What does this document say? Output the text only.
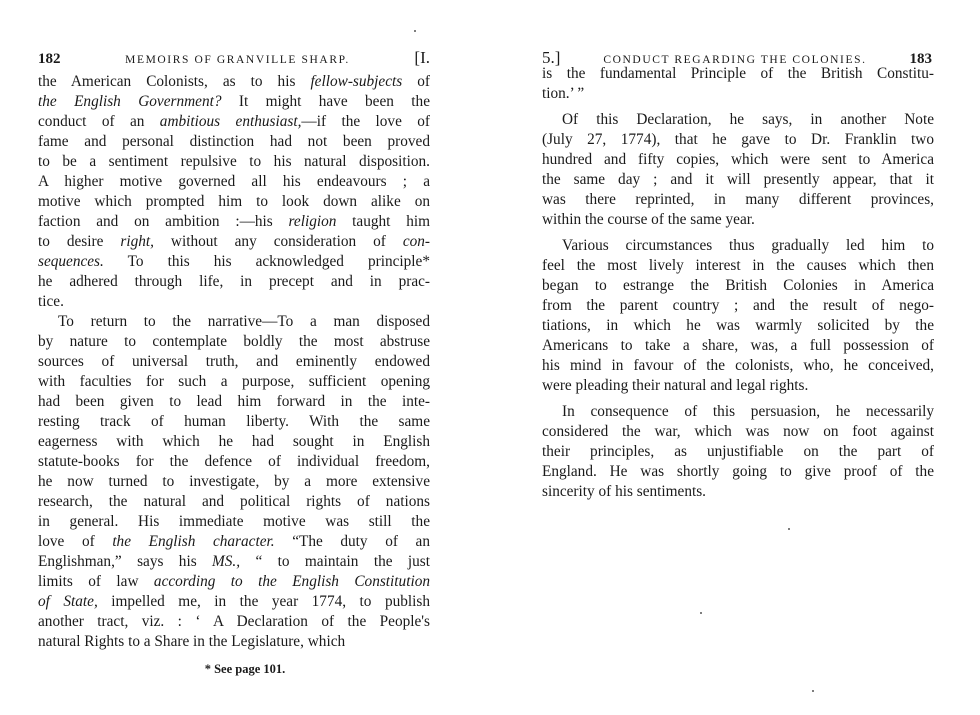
182	MEMOIRS OF GRANVILLE SHARP.	[I.
the American Colonists, as to his fellow-subjects of
the English Government? It might have been the
conduct of an ambitious enthusiast,—if the love of
fame and personal distinction had not been proved
to be a sentiment repulsive to his natural disposition.
A higher motive governed all his endeavours ; a
motive which prompted him to look down alike on
faction and on ambition :—his religion taught him
to desire right, without any consideration of con-
sequences. To this his acknowledged principle*
he adhered through life, in precept and in prac-
tice.
To return to the narrative—To a man disposed
by nature to contemplate boldly the most abstruse
sources of universal truth, and eminently endowed
with faculties for such a purpose, sufficient opening
had been given to lead him forward in the inte-
resting track of human liberty. With the same
eagerness with which he had sought in English
statute-books for the defence of individual freedom,
he now turned to investigate, by a more extensive
research, the natural and political rights of nations
in general. His immediate motive was still the
love of the English character. “The duty of an
Englishman,” says his MS., “ to maintain the just
limits of law according to the English Constitution
of State, impelled me, in the year 1774, to publish
another tract, viz. : ‘ A Declaration of the People's
natural Rights to a Share in the Legislature, which
* See page 101.
5.]	CONDUCT REGARDING THE COLONIES.	183
is the fundamental Principle of the British Constitu-
tion.’ ”
Of this Declaration, he says, in another Note
(July 27, 1774), that he gave to Dr. Franklin two
hundred and fifty copies, which were sent to America
the same day ; and it will presently appear, that it
was there reprinted, in many different provinces,
within the course of the same year.
Various circumstances thus gradually led him to
feel the most lively interest in the causes which then
began to estrange the British Colonies in America
from the parent country ; and the result of nego-
tiations, in which he was warmly solicited by the
Americans to take a share, was, a full possession of
his mind in favour of the colonists, who, he conceived,
were pleading their natural and legal rights.
In consequence of this persuasion, he necessarily
considered the war, which was now on foot against
their principles, as unjustifiable on the part of
England. He was shortly going to give proof of the
sincerity of his sentiments.
